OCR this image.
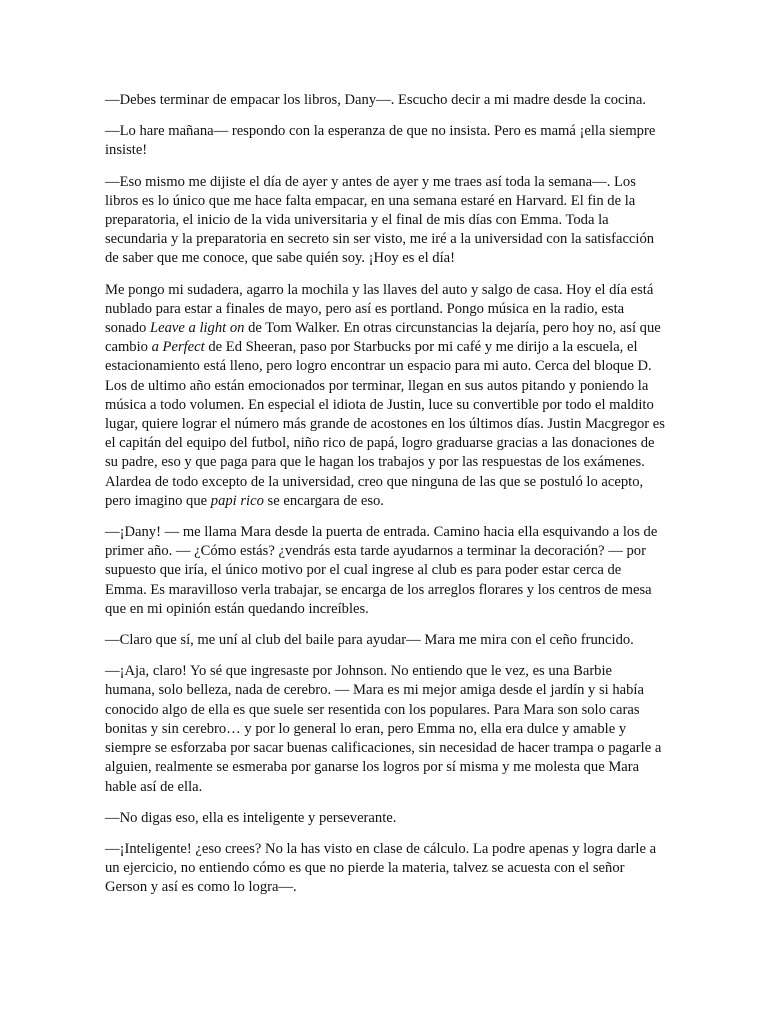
—Debes terminar de empacar los libros, Dany—. Escucho decir a mi madre desde la cocina.

—Lo hare mañana— respondo con la esperanza de que no insista. Pero es mamá ¡ella siempre insiste!

—Eso mismo me dijiste el día de ayer y antes de ayer y me traes así toda la semana—. Los libros es lo único que me hace falta empacar, en una semana estaré en Harvard. El fin de la preparatoria, el inicio de la vida universitaria y el final de mis días con Emma. Toda la secundaria y la preparatoria en secreto sin ser visto, me iré a la universidad con la satisfacción de saber que me conoce, que sabe quién soy. ¡Hoy es el día!

Me pongo mi sudadera, agarro la mochila y las llaves del auto y salgo de casa. Hoy el día está nublado para estar a finales de mayo, pero así es portland. Pongo música en la radio, esta sonado Leave a light on de Tom Walker. En otras circunstancias la dejaría, pero hoy no, así que cambio a Perfect de Ed Sheeran, paso por Starbucks por mi café y me dirijo a la escuela, el estacionamiento está lleno, pero logro encontrar un espacio para mi auto. Cerca del bloque D. Los de ultimo año están emocionados por terminar, llegan en sus autos pitando y poniendo la música a todo volumen. En especial el idiota de Justin, luce su convertible por todo el maldito lugar, quiere lograr el número más grande de acostones en los últimos días. Justin Macgregor es el capitán del equipo del futbol, niño rico de papá, logro graduarse gracias a las donaciones de su padre, eso y que paga para que le hagan los trabajos y por las respuestas de los exámenes. Alardea de todo excepto de la universidad, creo que ninguna de las que se postuló lo acepto, pero imagino que papi rico se encargara de eso.

—¡Dany! — me llama Mara desde la puerta de entrada. Camino hacia ella esquivando a los de primer año. — ¿Cómo estás? ¿vendrás esta tarde ayudarnos a terminar la decoración? — por supuesto que iría, el único motivo por el cual ingrese al club es para poder estar cerca de Emma. Es maravilloso verla trabajar, se encarga de los arreglos florares y los centros de mesa que en mi opinión están quedando increíbles.

—Claro que sí, me uní al club del baile para ayudar— Mara me mira con el ceño fruncido.

—¡Aja, claro! Yo sé que ingresaste por Johnson. No entiendo que le vez, es una Barbie humana, solo belleza, nada de cerebro. — Mara es mi mejor amiga desde el jardín y si había conocido algo de ella es que suele ser resentida con los populares. Para Mara son solo caras bonitas y sin cerebro… y por lo general lo eran, pero Emma no, ella era dulce y amable y siempre se esforzaba por sacar buenas calificaciones, sin necesidad de hacer trampa o pagarle a alguien, realmente se esmeraba por ganarse los logros por sí misma y me molesta que Mara hable así de ella.

—No digas eso, ella es inteligente y perseverante.

—¡Inteligente! ¿eso crees? No la has visto en clase de cálculo. La podre apenas y logra darle a un ejercicio, no entiendo cómo es que no pierde la materia, talvez se acuesta con el señor Gerson y así es como lo logra—.
